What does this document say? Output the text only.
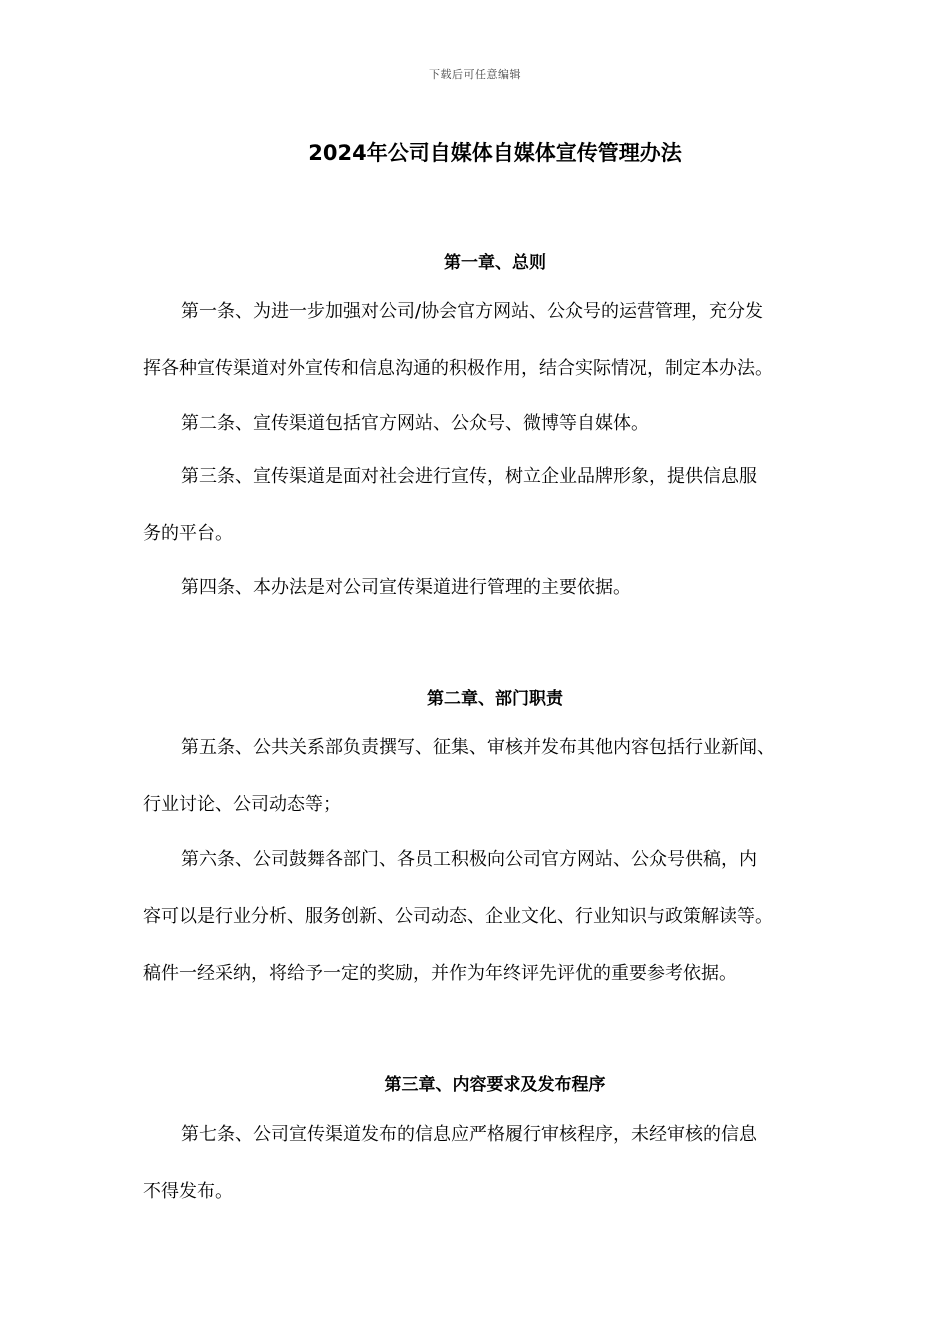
下载后可任意编辑
2024年公司自媒体自媒体宣传管理办法
第一章、总则
第一条、为进一步加强对公司/协会官方网站、公众号的运营管理，充分发
挥各种宣传渠道对外宣传和信息沟通的积极作用，结合实际情况，制定本办法。
第二条、宣传渠道包括官方网站、公众号、微博等自媒体。
第三条、宣传渠道是面对社会进行宣传，树立企业品牌形象，提供信息服
务的平台。
第四条、本办法是对公司宣传渠道进行管理的主要依据。
第二章、部门职责
第五条、公共关系部负责撰写、征集、审核并发布其他内容包括行业新闻、
行业讨论、公司动态等；
第六条、公司鼓舞各部门、各员工积极向公司官方网站、公众号供稿，内
容可以是行业分析、服务创新、公司动态、企业文化、行业知识与政策解读等。
稿件一经采纳，将给予一定的奖励，并作为年终评先评优的重要参考依据。
第三章、内容要求及发布程序
第七条、公司宣传渠道发布的信息应严格履行审核程序，未经审核的信息
不得发布。
